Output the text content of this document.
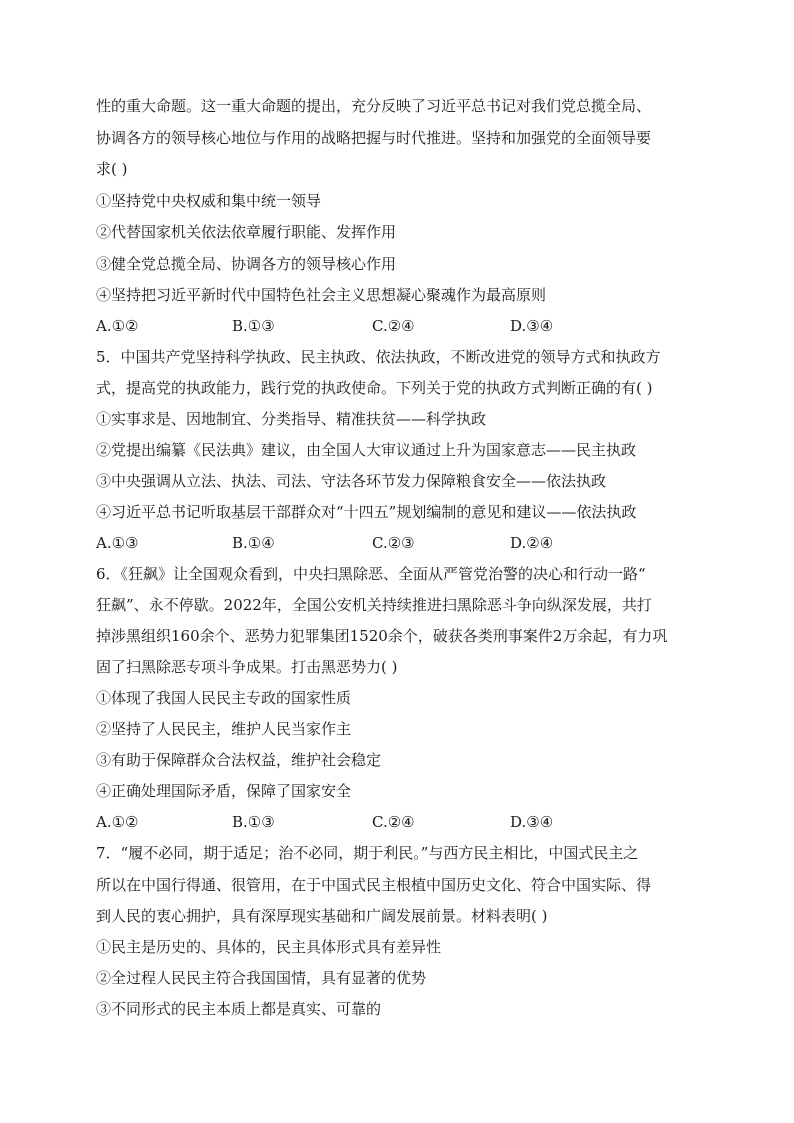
性的重大命题。这一重大命题的提出，充分反映了习近平总书记对我们党总揽全局、
协调各方的领导核心地位与作用的战略把握与时代推进。坚持和加强党的全面领导要
求( )
①坚持党中央权威和集中统一领导
②代替国家机关依法依章履行职能、发挥作用
③健全党总揽全局、协调各方的领导核心作用
④坚持把习近平新时代中国特色社会主义思想凝心聚魂作为最高原则
A.①②	B.①③	C.②④	D.③④
5．中国共产党坚持科学执政、民主执政、依法执政，不断改进党的领导方式和执政方
式，提高党的执政能力，践行党的执政使命。下列关于党的执政方式判断正确的有( )
①实事求是、因地制宜、分类指导、精准扶贫——科学执政
②党提出编纂《民法典》建议，由全国人大审议通过上升为国家意志——民主执政
③中央强调从立法、执法、司法、守法各环节发力保障粮食安全——依法执政
④习近平总书记听取基层干部群众对“十四五”规划编制的意见和建议——依法执政
A.①③	B.①④	C.②③	D.②④
6．《狂飙》让全国观众看到，中央扫黑除恶、全面从严管党治警的决心和行动一路“
狂飙”、永不停歇。2022年，全国公安机关持续推进扫黑除恶斗争向纵深发展，共打
掉涉黑组织160余个、恶势力犯罪集团1520余个，破获各类刑事案件2万余起，有力巩
固了扫黑除恶专项斗争成果。打击黑恶势力( )
①体现了我国人民民主专政的国家性质
②坚持了人民民主，维护人民当家作主
③有助于保障群众合法权益，维护社会稳定
④正确处理国际矛盾，保障了国家安全
A.①②	B.①③	C.②④	D.③④
7．“履不必同，期于适足；治不必同，期于利民。”与西方民主相比，中国式民主之
所以在中国行得通、很管用，在于中国式民主根植中国历史文化、符合中国实际、得
到人民的衷心拥护，具有深厚现实基础和广阔发展前景。材料表明( )
①民主是历史的、具体的，民主具体形式具有差异性
②全过程人民民主符合我国国情，具有显著的优势
③不同形式的民主本质上都是真实、可靠的
